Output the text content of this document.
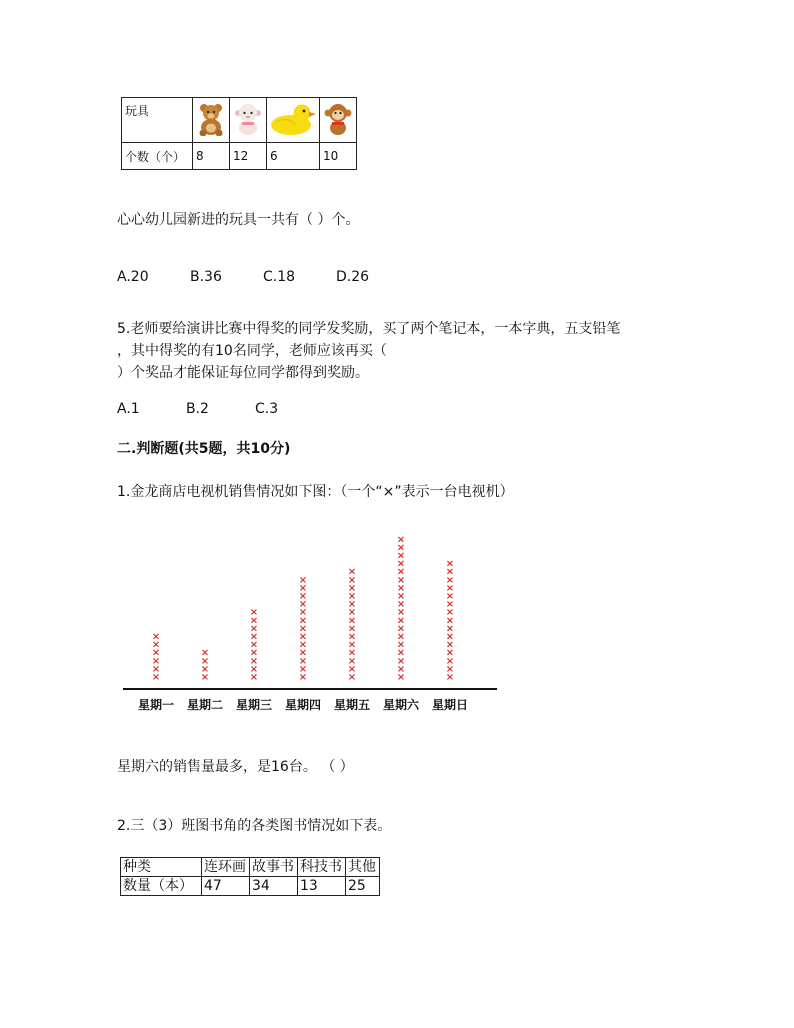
玩具				
个数（个）	8	12	6	10
心心幼儿园新进的玩具一共有（ ）个。
A.20	B.36	C.18	D.26
5.老师要给演讲比赛中得奖的同学发奖励，买了两个笔记本，一本字典，五支铅笔
，其中得奖的有10名同学，老师应该再买（
）个奖品才能保证每位同学都得到奖励。
A.1	B.2	C.3
二.判断题(共5题，共10分)
1.金龙商店电视机销售情况如下图：（一个“×”表示一台电视机）
×
×
×
×
×
×
×
×
×
×
×
×
×
×
×
×
×
×
×
×
×
×
×
×
×
×
×
×
×
×
×
×
×
×
×
×
×
×
×
×
×
×
×
×
×
×
×
×
×
×
×
×
×
×
×
×
×
×
×
×
×
×
×
×
×
×
×
×
×
×
×
×
×
×
×
×
×
×
×
星期一 星期二 星期三 星期四 星期五 星期六 星期日
星期六的销售量最多，是16台。 （ ）
2.三（3）班图书角的各类图书情况如下表。
种类	连环画	故事书	科技书	其他
数量（本）	47	34	13	25
